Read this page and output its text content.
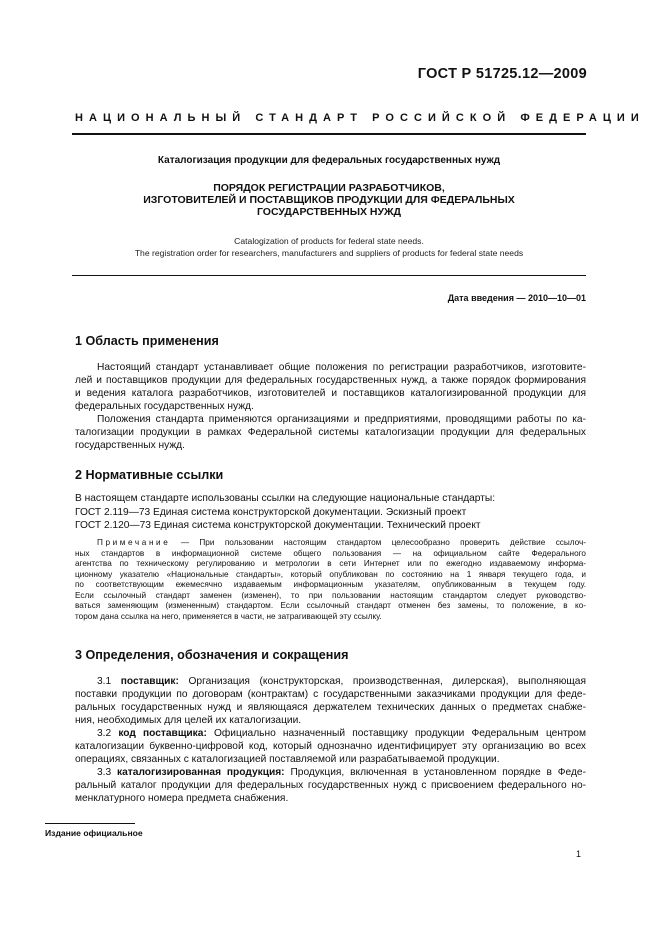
ГОСТ Р 51725.12—2009
НАЦИОНАЛЬНЫЙ СТАНДАРТ РОССИЙСКОЙ ФЕДЕРАЦИИ
Каталогизация продукции для федеральных государственных нужд
ПОРЯДОК РЕГИСТРАЦИИ РАЗРАБОТЧИКОВ,
ИЗГОТОВИТЕЛЕЙ И ПОСТАВЩИКОВ ПРОДУКЦИИ ДЛЯ ФЕДЕРАЛЬНЫХ
ГОСУДАРСТВЕННЫХ НУЖД
Catalogization of products for federal state needs.
The registration order for researchers, manufacturers and suppliers of products for federal state needs
Дата введения — 2010—10—01
1 Область применения
Настоящий стандарт устанавливает общие положения по регистрации разработчиков, изготовите-
лей и поставщиков продукции для федеральных государственных нужд, а также порядок формирования
и ведения каталога разработчиков, изготовителей и поставщиков каталогизированной продукции для
федеральных государственных нужд.
Положения стандарта применяются организациями и предприятиями, проводящими работы по ка-
талогизации продукции в рамках Федеральной системы каталогизации продукции для федеральных
государственных нужд.
2 Нормативные ссылки
В настоящем стандарте использованы ссылки на следующие национальные стандарты:
ГОСТ 2.119—73 Единая система конструкторской документации. Эскизный проект
ГОСТ 2.120—73 Единая система конструкторской документации. Технический проект
Примечание — При пользовании настоящим стандартом целесообразно проверить действие ссылоч-
ных стандартов в информационной системе общего пользования — на официальном сайте Федерального
агентства по техническому регулированию и метрологии в сети Интернет или по ежегодно издаваемому информа-
ционному указателю «Национальные стандарты», который опубликован по состоянию на 1 января текущего года, и
по соответствующим ежемесячно издаваемым информационным указателям, опубликованным в текущем году.
Если ссылочный стандарт заменен (изменен), то при пользовании настоящим стандартом следует руководство-
ваться заменяющим (измененным) стандартом. Если ссылочный стандарт отменен без замены, то положение, в ко-
тором дана ссылка на него, применяется в части, не затрагивающей эту ссылку.
3 Определения, обозначения и сокращения
3.1 поставщик: Организация (конструкторская, производственная, дилерская), выполняющая
поставки продукции по договорам (контрактам) с государственными заказчиками продукции для феде-
ральных государственных нужд и являющаяся держателем технических данных о предметах снабже-
ния, необходимых для целей их каталогизации.
3.2 код поставщика: Официально назначенный поставщику продукции Федеральным центром
каталогизации буквенно-цифровой код, который однозначно идентифицирует эту организацию во всех
операциях, связанных с каталогизацией поставляемой или разрабатываемой продукции.
3.3 каталогизированная продукция: Продукция, включенная в установленном порядке в Феде-
ральный каталог продукции для федеральных государственных нужд с присвоением федерального но-
менклатурного номера предмета снабжения.
Издание официальное
1
